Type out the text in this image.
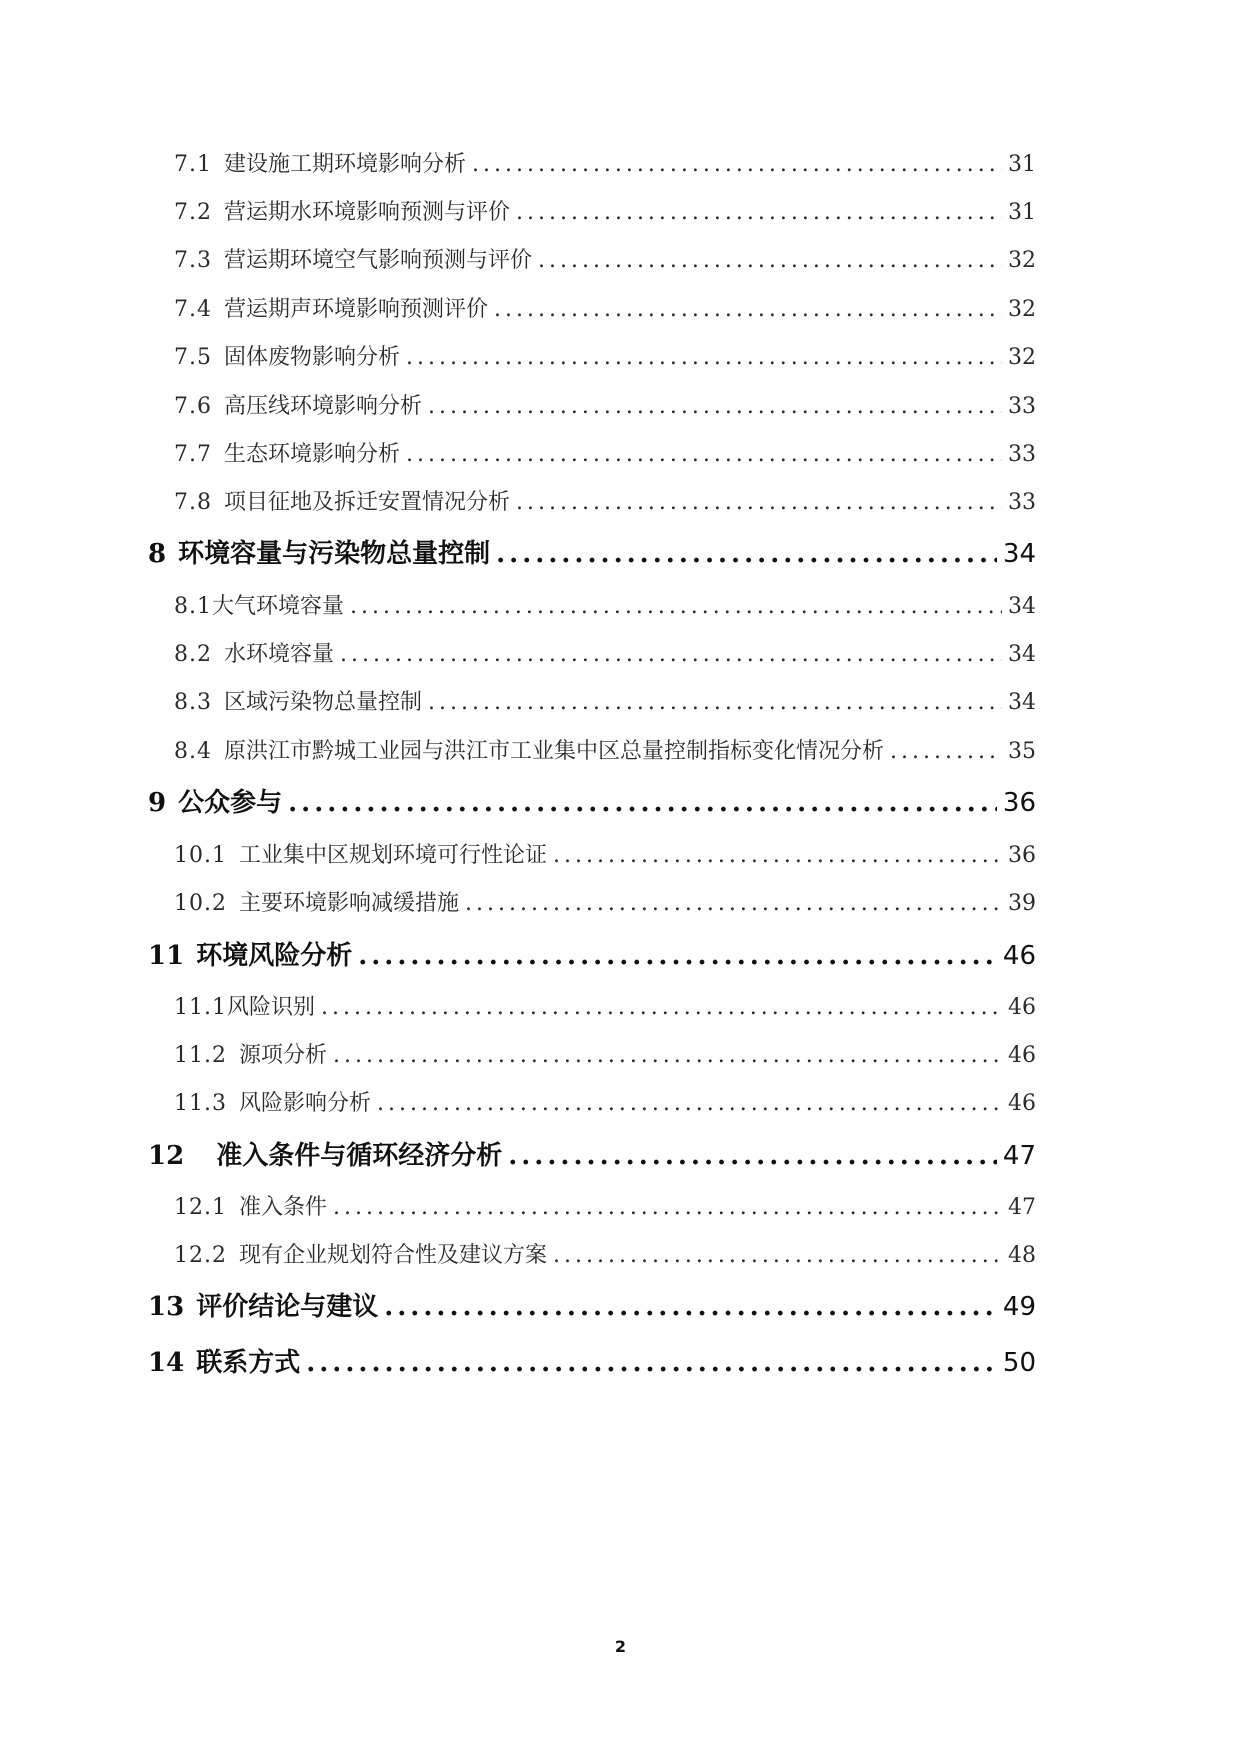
7.1 建设施工期环境影响分析 .....	31
7.2 营运期水环境影响预测与评价 .....	31
7.3 营运期环境空气影响预测与评价 .....	32
7.4 营运期声环境影响预测评价 .....	32
7.5 固体废物影响分析 .....	32
7.6 高压线环境影响分析 .....	33
7.7 生态环境影响分析 .....	33
7.8 项目征地及拆迁安置情况分析 .....	33
8 环境容量与污染物总量控制 .....	34
8.1 大气环境容量 .....	34
8.2 水环境容量 .....	34
8.3 区域污染物总量控制 .....	34
8.4 原洪江市黔城工业园与洪江市工业集中区总量控制指标变化情况分析 .....	35
9 公众参与 .....	36
10.1 工业集中区规划环境可行性论证 .....	36
10.2 主要环境影响减缓措施 .....	39
11 环境风险分析 .....	46
11.1 风险识别 .....	46
11.2 源项分析 .....	46
11.3 风险影响分析 .....	46
12 准入条件与循环经济分析 .....	47
12.1 准入条件 .....	47
12.2 现有企业规划符合性及建议方案 .....	48
13 评价结论与建议 .....	49
14 联系方式 .....	50
2
